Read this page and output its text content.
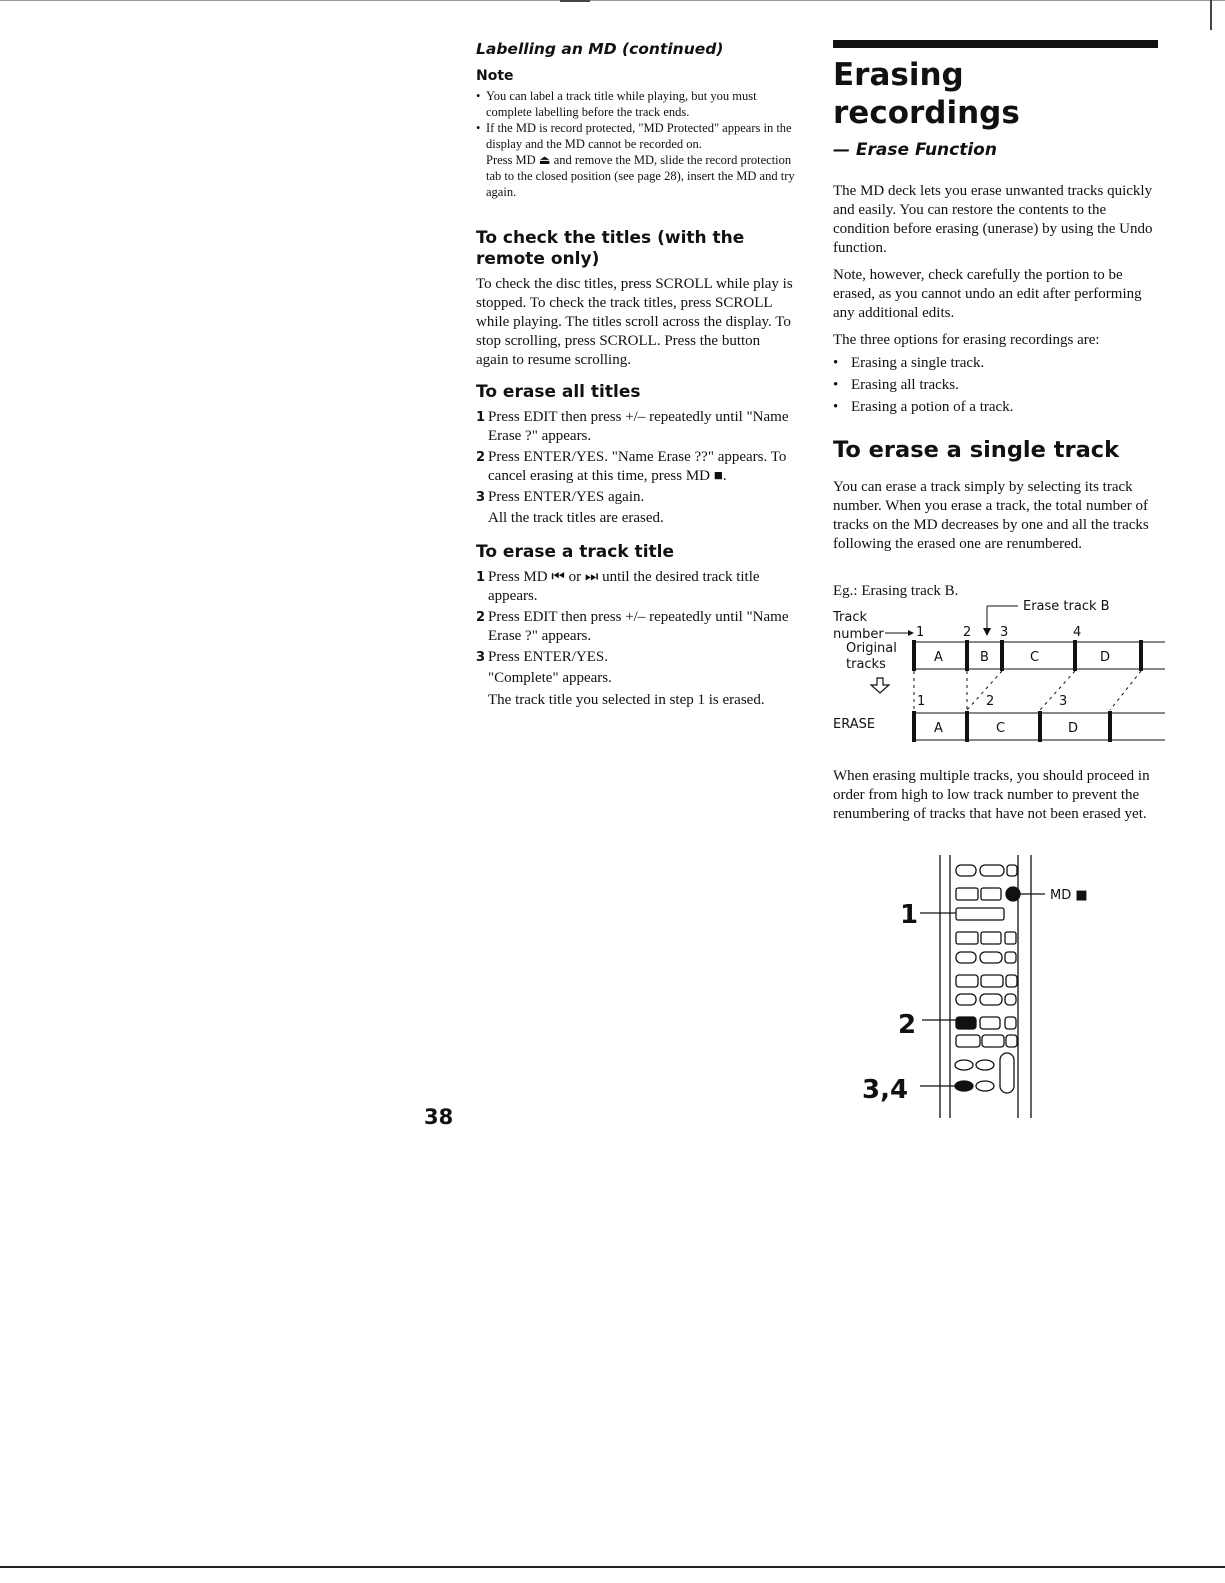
Labelling an MD (continued)
Note
• You can label a track title while playing, but you must complete labelling before the track ends.
• If the MD is record protected, "MD Protected" appears in the display and the MD cannot be recorded on.
Press MD ⏏ and remove the MD, slide the record protection tab to the closed position (see page 28), insert the MD and try again.
To check the titles (with the remote only)

To check the disc titles, press SCROLL while play is stopped. To check the track titles, press SCROLL while playing. The titles scroll across the display. To stop scrolling, press SCROLL. Press the button again to resume scrolling.

To erase all titles
1 Press EDIT then press +/– repeatedly until "Name Erase ?" appears.
2 Press ENTER/YES. "Name Erase ??" appears. To cancel erasing at this time, press MD ■.
3 Press ENTER/YES again.
All the track titles are erased.
To erase a track title
1 Press MD ⏮ or ⏭ until the desired track title appears.
2 Press EDIT then press +/– repeatedly until "Name Erase ?" appears.
3 Press ENTER/YES.
"Complete" appears.
The track title you selected in step 1 is erased.
Erasing recordings
— Erase Function

The MD deck lets you erase unwanted tracks quickly and easily. You can restore the contents to the condition before erasing (unerase) by using the Undo function.

Note, however, check carefully the portion to be erased, as you cannot undo an edit after performing any additional edits.

The three options for erasing recordings are:

• Erasing a single track.
• Erasing all tracks.
• Erasing a potion of a track.
To erase a single track

You can erase a track simply by selecting its track number. When you erase a track, the total number of tracks on the MD decreases by one and all the tracks following the erased one are renumbered.

Eg.: Erasing track B.

Erase track B
Track
number
Original
tracks
ERASE
1	2 3	4
A	B	C	D
1	2	3
A	C	D

When erasing multiple tracks, you should proceed in order from high to low track number to prevent the renumbering of tracks that have not been erased yet.

MD ■
1
2
3,4
38
